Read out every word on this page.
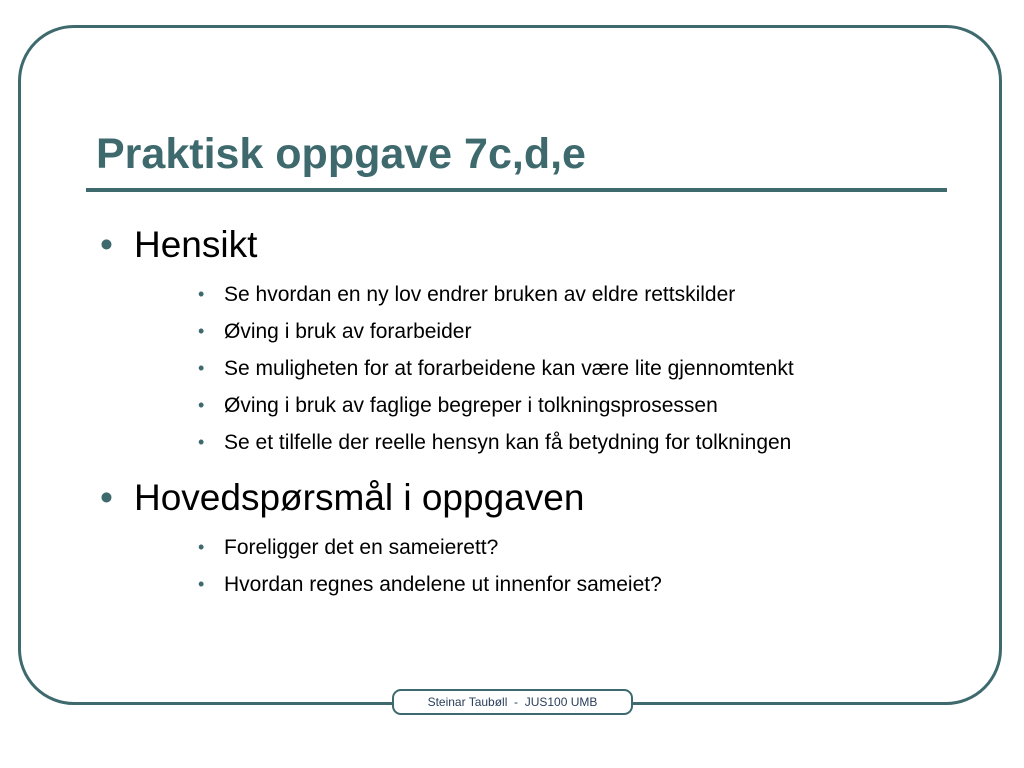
Praktisk oppgave 7c,d,e
• Hensikt
• Se hvordan en ny lov endrer bruken av eldre rettskilder
• Øving i bruk av forarbeider
• Se muligheten for at forarbeidene kan være lite gjennomtenkt
• Øving i bruk av faglige begreper i tolkningsprosessen
• Se et tilfelle der reelle hensyn kan få betydning for tolkningen
• Hovedspørsmål i oppgaven
• Foreligger det en sameierett?
• Hvordan regnes andelene ut innenfor sameiet?
Steinar Taubøll  -  JUS100 UMB
